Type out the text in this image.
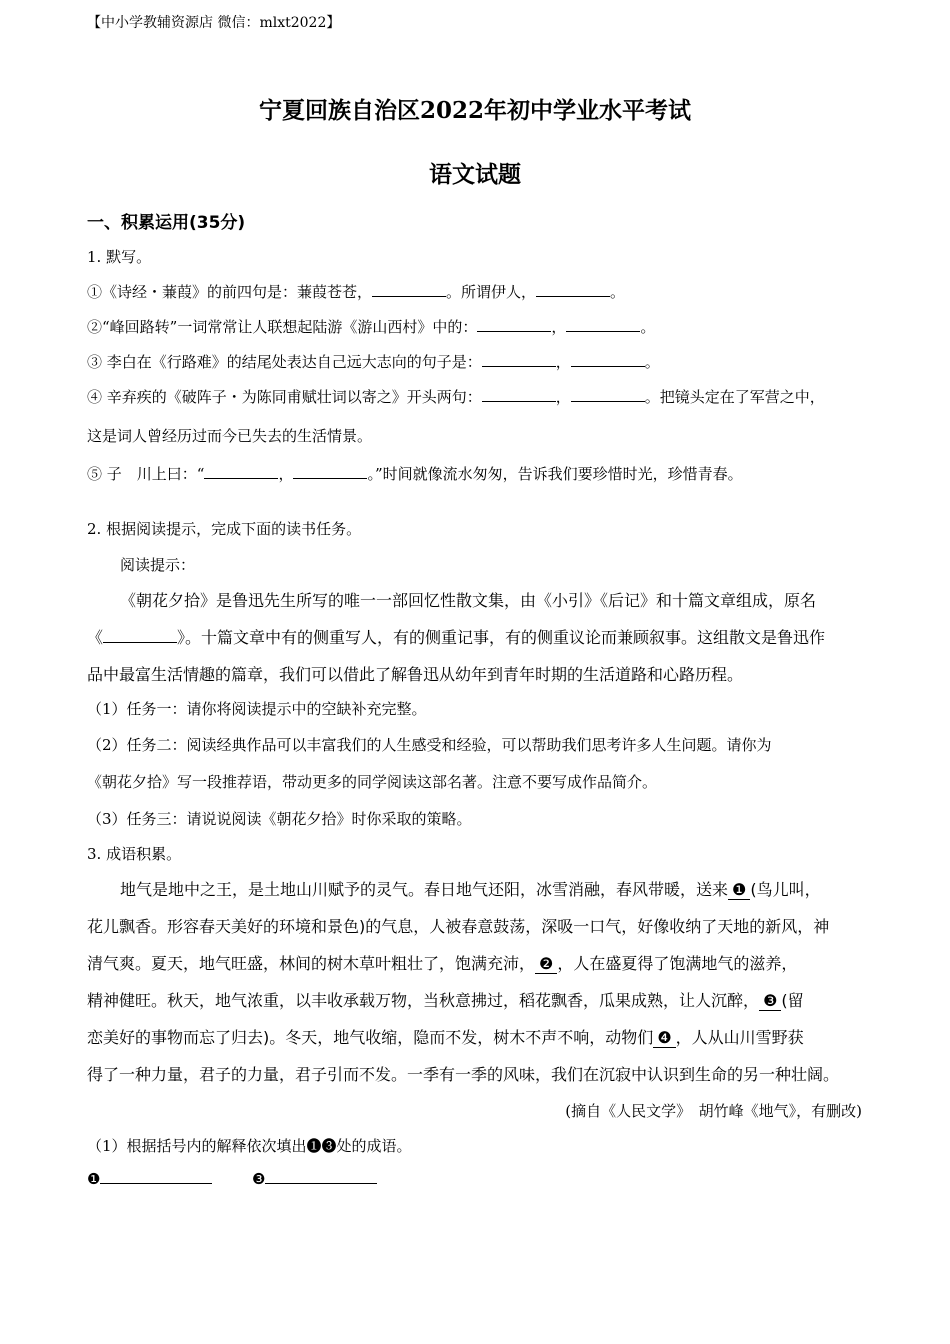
【中小学教辅资源店 微信：mlxt2022】
宁夏回族自治区2022年初中学业水平考试
语文试题
一、积累运用(35分)
1. 默写。
①《诗经・蒹葭》的前四句是：蒹葭苍苍，	。所谓伊人，	。
②“峰回路转”一词常常让人联想起陆游《游山西村》中的：	，	。
③ 李白在《行路难》的结尾处表达自己远大志向的句子是：	，	。
④ 辛弃疾的《破阵子・为陈同甫赋壮词以寄之》开头两句：	，	。把镜头定在了军营之中，
这是词人曾经历过而今已失去的生活情景。
⑤ 子　川上曰：“	，	。”时间就像流水匆匆，告诉我们要珍惜时光，珍惜青春。
2. 根据阅读提示，完成下面的读书任务。
阅读提示：
《朝花夕拾》是鲁迅先生所写的唯一一部回忆性散文集，由《小引》《后记》和十篇文章组成，原名
《	》。十篇文章中有的侧重写人，有的侧重记事，有的侧重议论而兼顾叙事。这组散文是鲁迅作
品中最富生活情趣的篇章，我们可以借此了解鲁迅从幼年到青年时期的生活道路和心路历程。
（1）任务一：请你将阅读提示中的空缺补充完整。
（2）任务二：阅读经典作品可以丰富我们的人生感受和经验，可以帮助我们思考许多人生问题。请你为
《朝花夕拾》写一段推荐语，带动更多的同学阅读这部名著。注意不要写成作品简介。
（3）任务三：请说说阅读《朝花夕拾》时你采取的策略。
3. 成语积累。
地气是地中之王，是土地山川赋予的灵气。春日地气还阳，冰雪消融，春风带暖，送来 ❶ (鸟儿叫，
花儿飘香。形容春天美好的环境和景色)的气息，人被春意鼓荡，深吸一口气，好像收纳了天地的新风，神
清气爽。夏天，地气旺盛，林间的树木草叶粗壮了，饱满充沛， ❷ ，人在盛夏得了饱满地气的滋养，
精神健旺。秋天，地气浓重，以丰收承载万物，当秋意拂过，稻花飘香，瓜果成熟，让人沉醉， ❸ (留
恋美好的事物而忘了归去)。冬天，地气收缩，隐而不发，树木不声不响，动物们 ❹ ，人从山川雪野获
得了一种力量，君子的力量，君子引而不发。一季有一季的风味，我们在沉寂中认识到生命的另一种壮阔。
(摘自《人民文学》　胡竹峰《地气》，有删改)
（1）根据括号内的解释依次填出❶❸处的成语。
❶	❸
